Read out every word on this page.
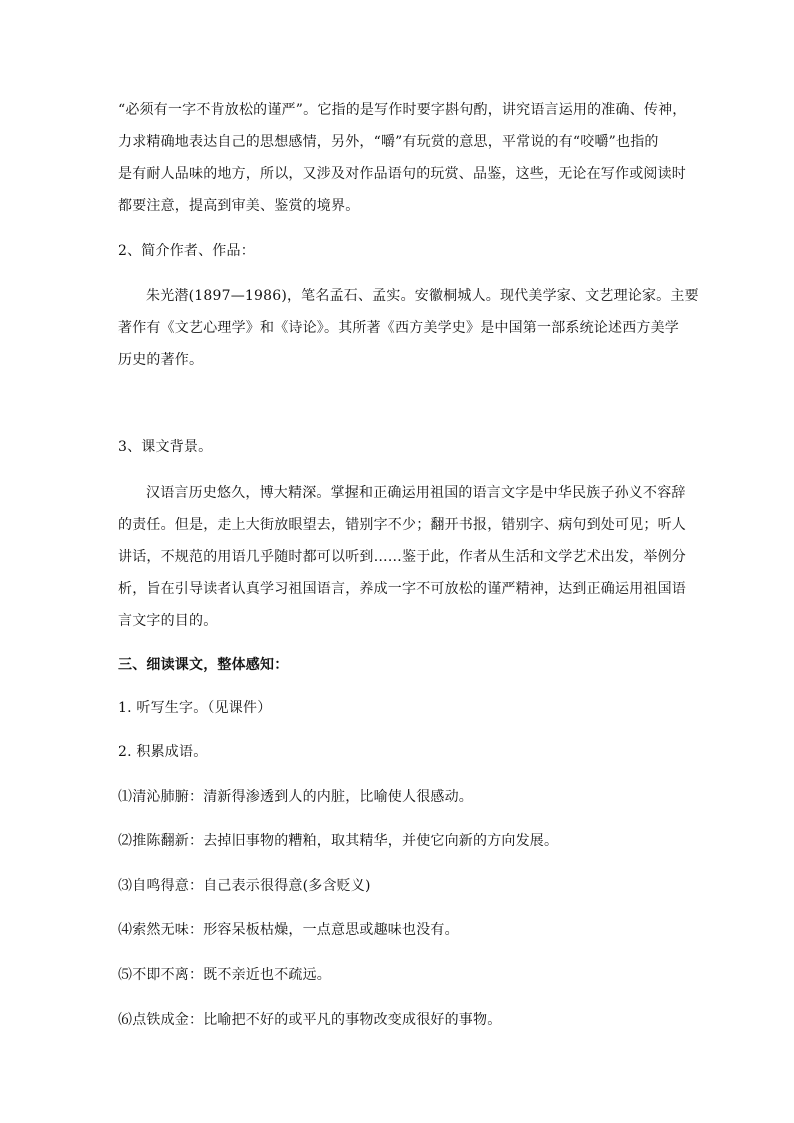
“必须有一字不肯放松的谨严”。它指的是写作时要字斟句酌，讲究语言运用的准确、传神，
力求精确地表达自己的思想感情，另外，“嚼”有玩赏的意思，平常说的有“咬嚼”也指的
是有耐人品味的地方，所以，又涉及对作品语句的玩赏、品鉴，这些，无论在写作或阅读时
都要注意，提高到审美、鉴赏的境界。
2、简介作者、作品：
朱光潜(1897—1986)，笔名孟石、孟实。安徽桐城人。现代美学家、文艺理论家。主要
著作有《文艺心理学》和《诗论》。其所著《西方美学史》是中国第一部系统论述西方美学
历史的著作。
3、课文背景。
汉语言历史悠久，博大精深。掌握和正确运用祖国的语言文字是中华民族子孙义不容辞
的责任。但是，走上大街放眼望去，错别字不少；翻开书报，错别字、病句到处可见；听人
讲话，不规范的用语几乎随时都可以听到……鉴于此，作者从生活和文学艺术出发，举例分
析，旨在引导读者认真学习祖国语言，养成一字不可放松的谨严精神，达到正确运用祖国语
言文字的目的。
三、细读课文，整体感知：
1. 听写生字。（见课件）
2. 积累成语。
⑴清沁肺腑：清新得渗透到人的内脏，比喻使人很感动。
⑵推陈翻新：去掉旧事物的糟粕，取其精华，并使它向新的方向发展。
⑶自鸣得意：自己表示很得意(多含贬义)
⑷索然无味：形容呆板枯燥，一点意思或趣味也没有。
⑸不即不离：既不亲近也不疏远。
⑹点铁成金：比喻把不好的或平凡的事物改变成很好的事物。
